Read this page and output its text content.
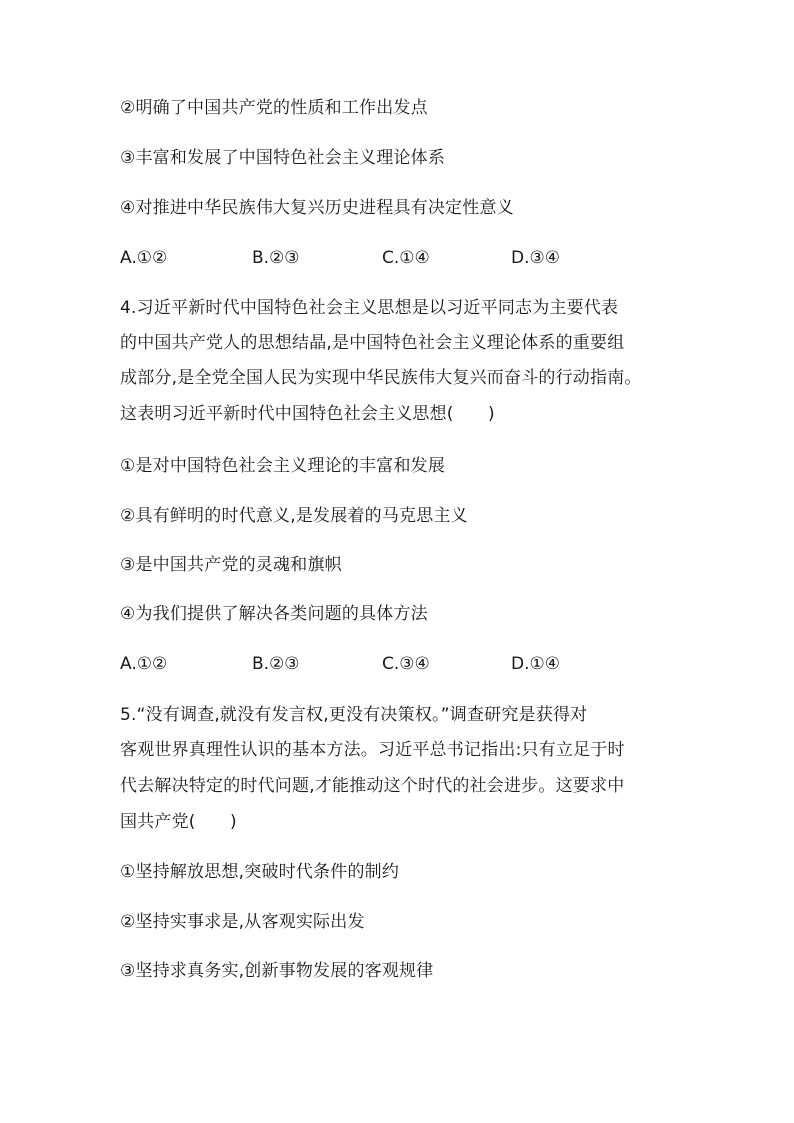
②明确了中国共产党的性质和工作出发点
③丰富和发展了中国特色社会主义理论体系
④对推进中华民族伟大复兴历史进程具有决定性意义
A.①②	B.②③	C.①④	D.③④
4.习近平新时代中国特色社会主义思想是以习近平同志为主要代表
的中国共产党人的思想结晶,是中国特色社会主义理论体系的重要组
成部分,是全党全国人民为实现中华民族伟大复兴而奋斗的行动指南。
这表明习近平新时代中国特色社会主义思想(　　)
①是对中国特色社会主义理论的丰富和发展
②具有鲜明的时代意义,是发展着的马克思主义
③是中国共产党的灵魂和旗帜
④为我们提供了解决各类问题的具体方法
A.①②	B.②③	C.③④	D.①④
5.“没有调查,就没有发言权,更没有决策权。”调查研究是获得对
客观世界真理性认识的基本方法。习近平总书记指出:只有立足于时
代去解决特定的时代问题,才能推动这个时代的社会进步。这要求中
国共产党(　　)
①坚持解放思想,突破时代条件的制约
②坚持实事求是,从客观实际出发
③坚持求真务实,创新事物发展的客观规律
